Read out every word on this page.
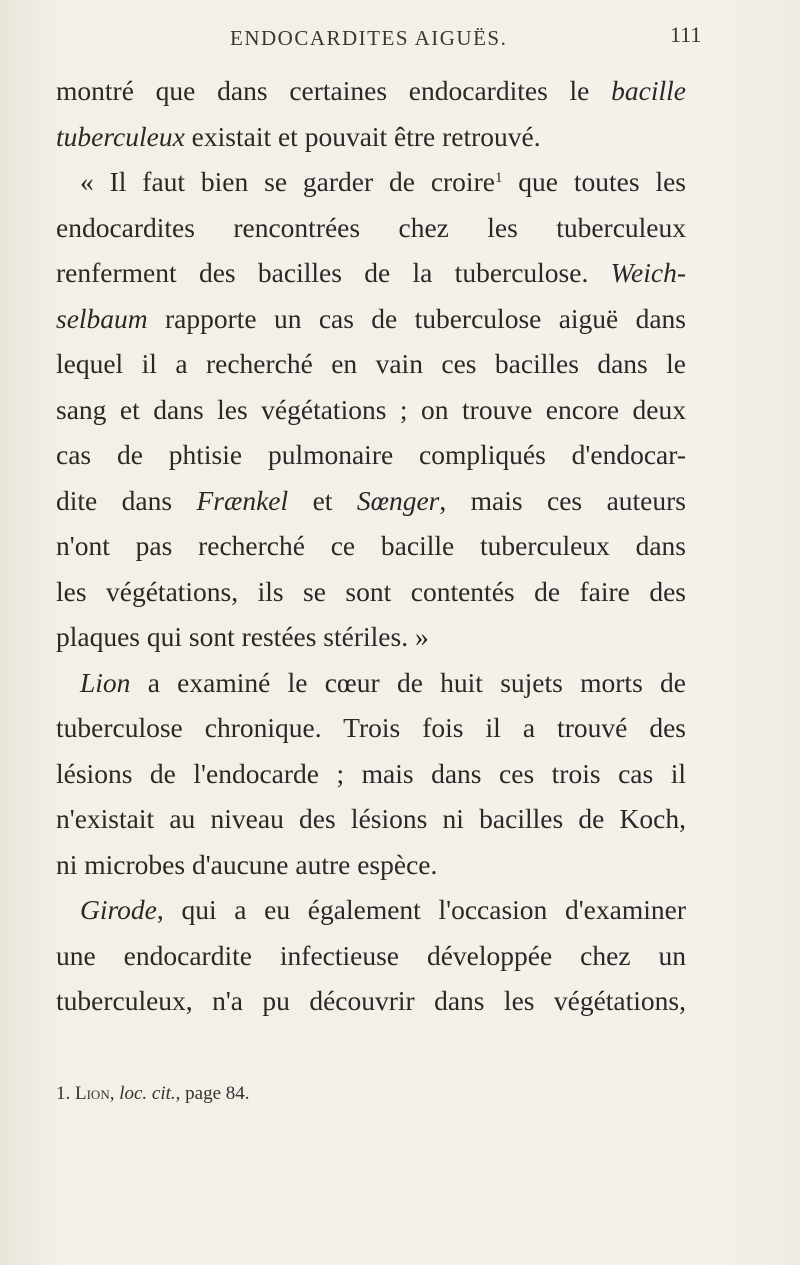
ENDOCARDITES AIGUËS.	111
montré que dans certaines endocardites le bacille
tuberculeux existait et pouvait être retrouvé.
« Il faut bien se garder de croire$^1$ que toutes les
endocardites rencontrées chez les tuberculeux
renferment des bacilles de la tuberculose. Weich-
selbaum rapporte un cas de tuberculose aiguë dans
lequel il a recherché en vain ces bacilles dans le
sang et dans les végétations ; on trouve encore deux
cas de phtisie pulmonaire compliqués d'endocar-
dite dans Frænkel et Sœnger, mais ces auteurs
n'ont pas recherché ce bacille tuberculeux dans
les végétations, ils se sont contentés de faire des
plaques qui sont restées stériles. »
Lion a examiné le cœur de huit sujets morts de
tuberculose chronique. Trois fois il a trouvé des
lésions de l'endocarde ; mais dans ces trois cas il
n'existait au niveau des lésions ni bacilles de Koch,
ni microbes d'aucune autre espèce.
Girode, qui a eu également l'occasion d'examiner
une endocardite infectieuse développée chez un
tuberculeux, n'a pu découvrir dans les végétations,
1. Lion, loc. cit., page 84.
